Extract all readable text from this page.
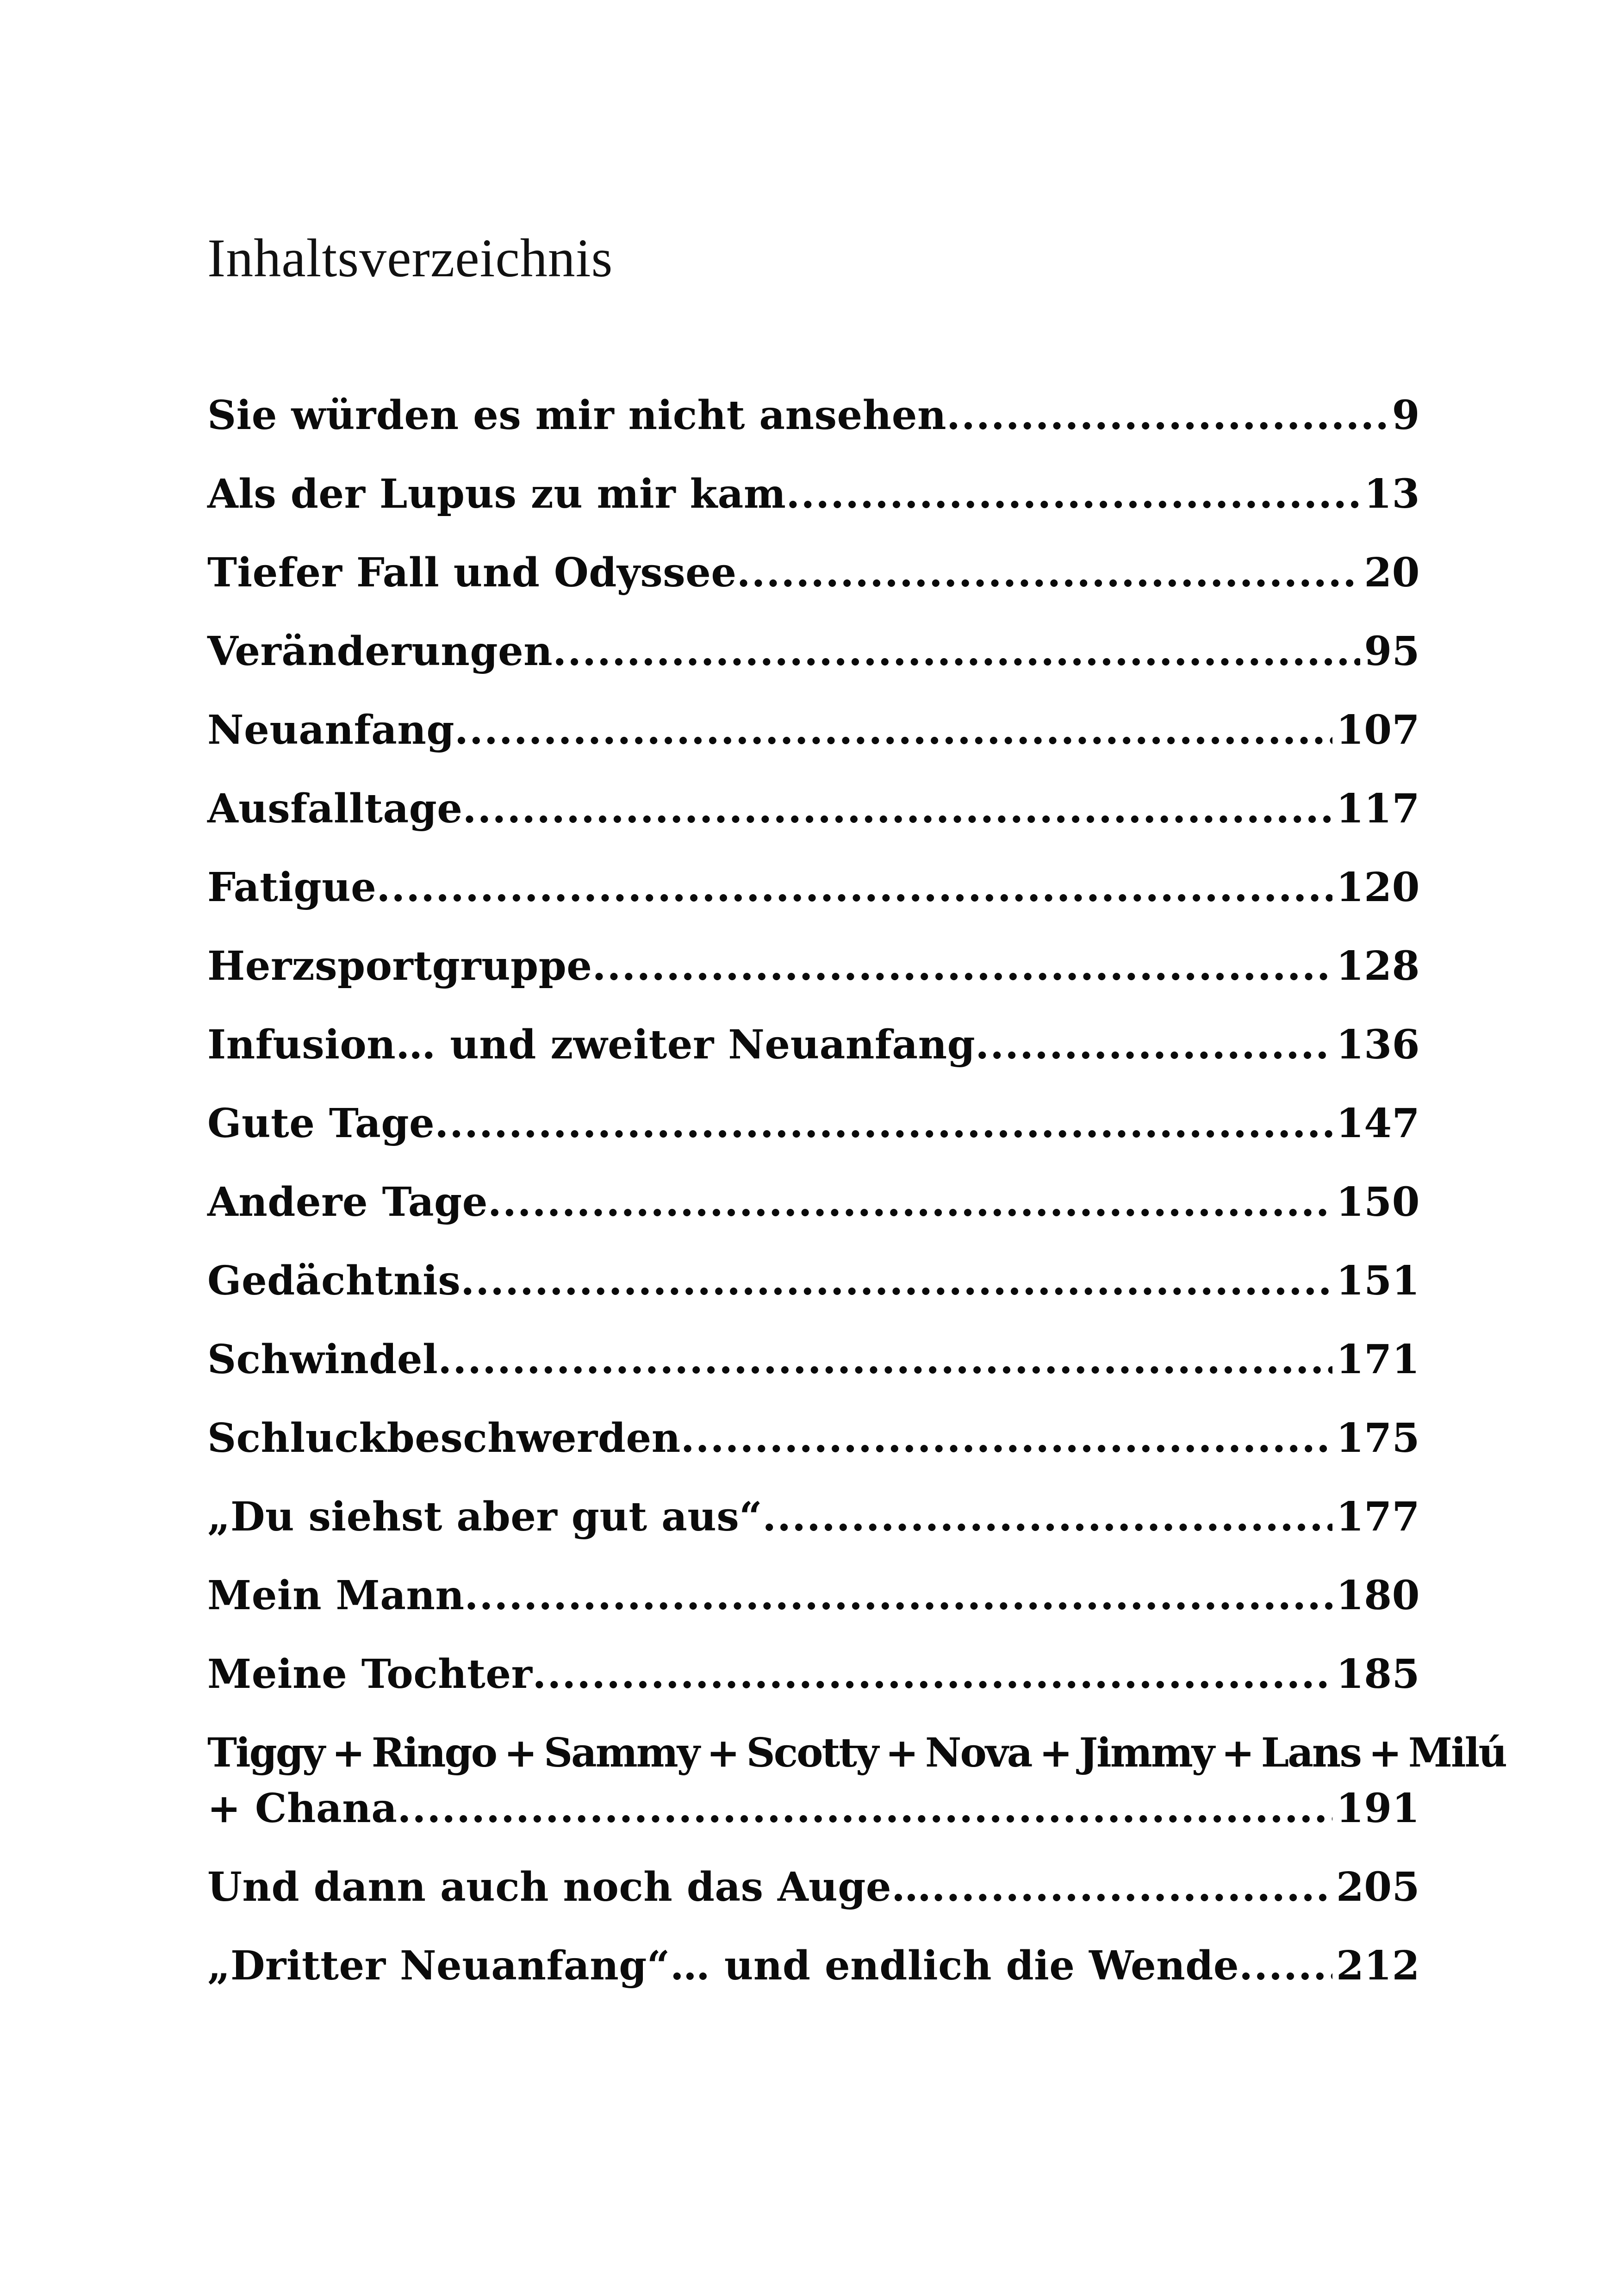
Inhaltsverzeichnis
Sie würden es mir nicht ansehen .....	9
Als der Lupus zu mir kam .....	13
Tiefer Fall und Odyssee .....	20
Veränderungen .....	95
Neuanfang .....	107
Ausfalltage .....	117
Fatigue .....	120
Herzsportgruppe .....	128
Infusion… und zweiter Neuanfang .....	136
Gute Tage .....	147
Andere Tage .....	150
Gedächtnis .....	151
Schwindel .....	171
Schluckbeschwerden .....	175
„Du siehst aber gut aus“ .....	177
Mein Mann .....	180
Meine Tochter .....	185
Tiggy + Ringo + Sammy + Scotty + Nova + Jimmy + Lans + Milú
+ Chana .....	191
Und dann auch noch das Auge… .....	205
„Dritter Neuanfang“… und endlich die Wende ..... 212
